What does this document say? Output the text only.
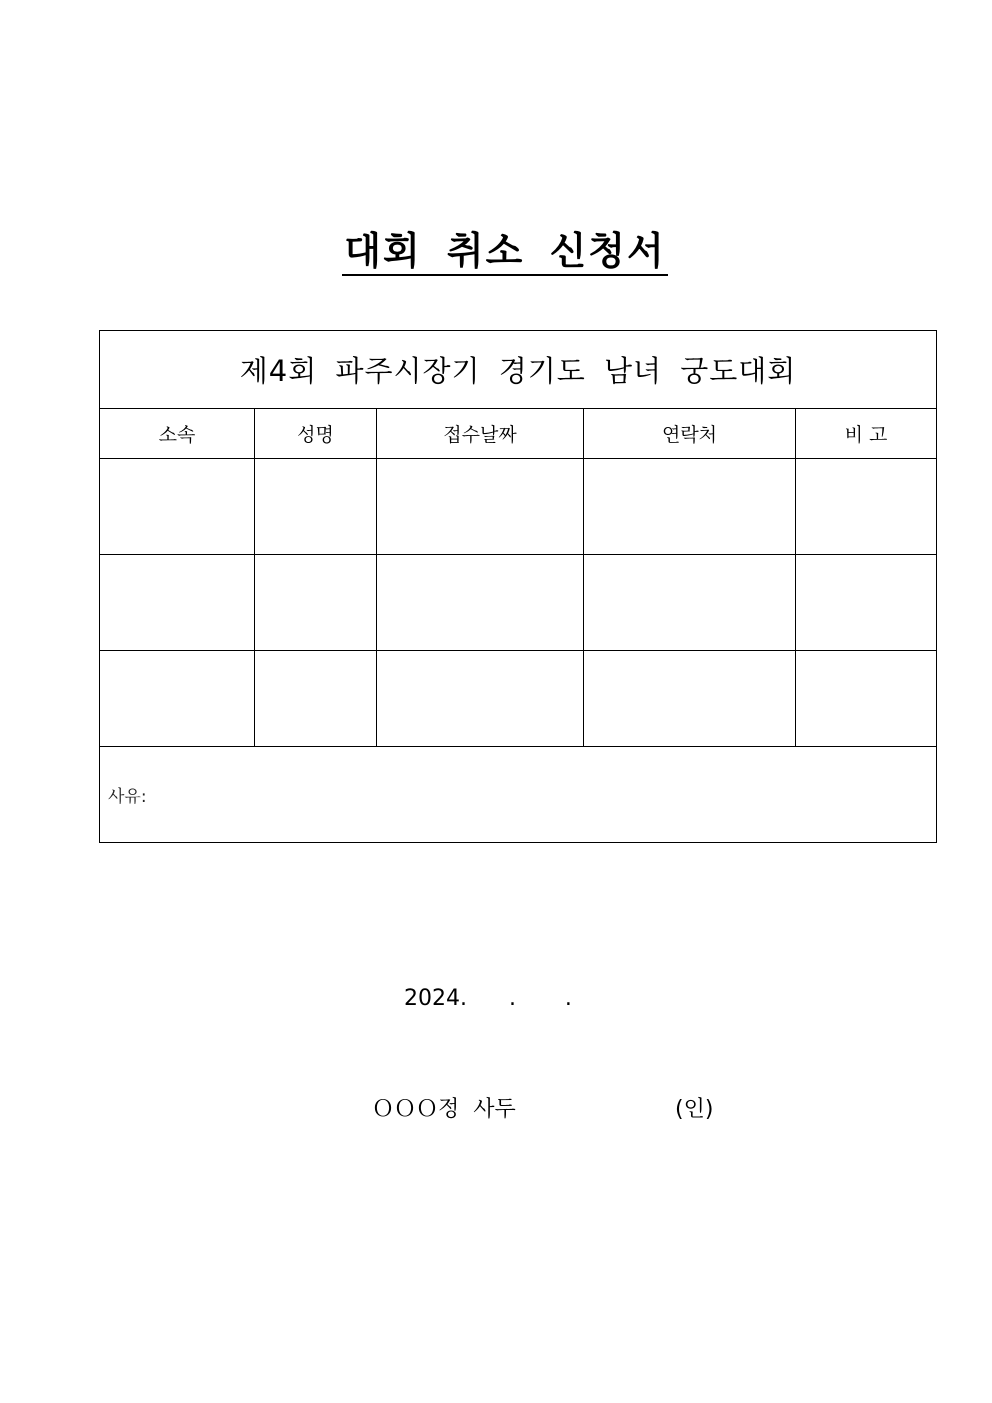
대회 취소 신청서
제4회 파주시장기 경기도 남녀 궁도대회				
소속	성명	접수날짜	연락처	비 고

사유:				
2024.      .       .
ＯＯＯ정  사두	(인)
